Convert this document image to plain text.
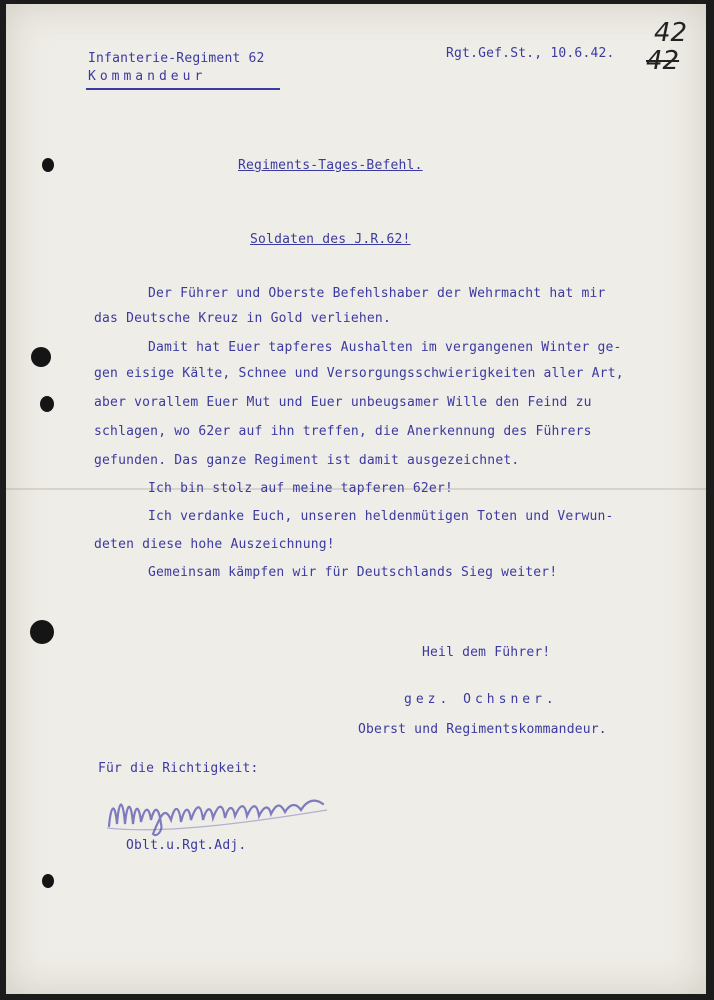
Infanterie-Regiment 62
Kommandeur
Rgt.Gef.St., 10.6.42.
42
42
Regiments-Tages-Befehl.
Soldaten des J.R.62!
Der Führer und Oberste Befehlshaber der Wehrmacht hat mir
das Deutsche Kreuz in Gold verliehen.
Damit hat Euer tapferes Aushalten im vergangenen Winter ge-
gen eisige Kälte, Schnee und Versorgungsschwierigkeiten aller Art,
aber vorallem Euer Mut und Euer unbeugsamer Wille den Feind zu
schlagen, wo 62er auf ihn treffen, die Anerkennung des Führers
gefunden. Das ganze Regiment ist damit ausgezeichnet.
Ich bin stolz auf meine tapferen 62er!
Ich verdanke Euch, unseren heldenmütigen Toten und Verwun-
deten diese hohe Auszeichnung!
Gemeinsam kämpfen wir für Deutschlands Sieg weiter!
Heil dem Führer!
gez. Ochsner.
Oberst und Regimentskommandeur.
Für die Richtigkeit:
Oblt.u.Rgt.Adj.
